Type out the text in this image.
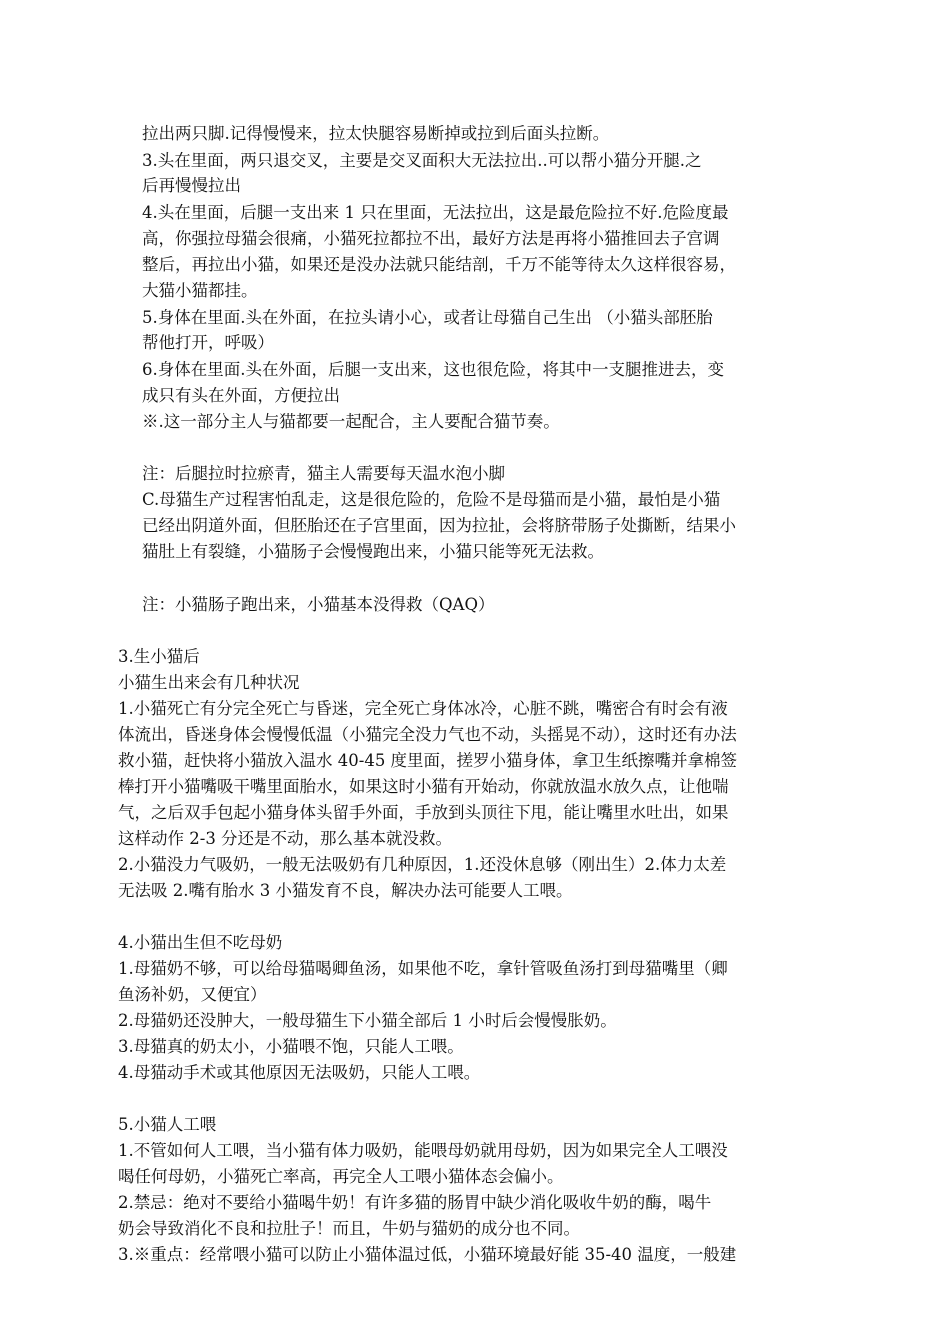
拉出两只脚.记得慢慢来，拉太快腿容易断掉或拉到后面头拉断。
3.头在里面，两只退交叉，主要是交叉面积大无法拉出..可以帮小猫分开腿.之
后再慢慢拉出
4.头在里面，后腿一支出来 1 只在里面，无法拉出，这是最危险拉不好.危险度最
高，你强拉母猫会很痛，小猫死拉都拉不出，最好方法是再将小猫推回去子宫调
整后，再拉出小猫，如果还是没办法就只能结剖，千万不能等待太久这样很容易，
大猫小猫都挂。
5.身体在里面.头在外面，在拉头请小心，或者让母猫自己生出 （小猫头部胚胎
帮他打开，呼吸）
6.身体在里面.头在外面，后腿一支出来，这也很危险，将其中一支腿推进去，变
成只有头在外面，方便拉出
※.这一部分主人与猫都要一起配合，主人要配合猫节奏。
注：后腿拉时拉瘀青，猫主人需要每天温水泡小脚
C.母猫生产过程害怕乱走，这是很危险的，危险不是母猫而是小猫，最怕是小猫
已经出阴道外面，但胚胎还在子宫里面，因为拉扯，会将脐带肠子处撕断，结果小
猫肚上有裂缝，小猫肠子会慢慢跑出来，小猫只能等死无法救。
注：小猫肠子跑出来，小猫基本没得救（QAQ）
3.生小猫后
小猫生出来会有几种状况
1.小猫死亡有分完全死亡与昏迷，完全死亡身体冰冷，心脏不跳，嘴密合有时会有液
体流出，昏迷身体会慢慢低温（小猫完全没力气也不动，头摇晃不动），这时还有办法
救小猫，赶快将小猫放入温水 40-45 度里面，搓罗小猫身体，拿卫生纸擦嘴并拿棉签
棒打开小猫嘴吸干嘴里面胎水，如果这时小猫有开始动，你就放温水放久点，让他喘
气，之后双手包起小猫身体头留手外面，手放到头顶往下甩，能让嘴里水吐出，如果
这样动作 2-3 分还是不动，那么基本就没救。
2.小猫没力气吸奶，一般无法吸奶有几种原因，1.还没休息够（刚出生）2.体力太差
无法吸 2.嘴有胎水 3 小猫发育不良，解决办法可能要人工喂。
4.小猫出生但不吃母奶
1.母猫奶不够，可以给母猫喝卿鱼汤，如果他不吃，拿针管吸鱼汤打到母猫嘴里（卿
鱼汤补奶，又便宜）
2.母猫奶还没肿大，一般母猫生下小猫全部后 1 小时后会慢慢胀奶。
3.母猫真的奶太小，小猫喂不饱，只能人工喂。
4.母猫动手术或其他原因无法吸奶，只能人工喂。
5.小猫人工喂
1.不管如何人工喂，当小猫有体力吸奶，能喂母奶就用母奶，因为如果完全人工喂没
喝任何母奶，小猫死亡率高，再完全人工喂小猫体态会偏小。
2.禁忌：绝对不要给小猫喝牛奶！有许多猫的肠胃中缺少消化吸收牛奶的酶，喝牛
奶会导致消化不良和拉肚子！而且，牛奶与猫奶的成分也不同。
3.※重点：经常喂小猫可以防止小猫体温过低，小猫环境最好能 35-40 温度，一般建
